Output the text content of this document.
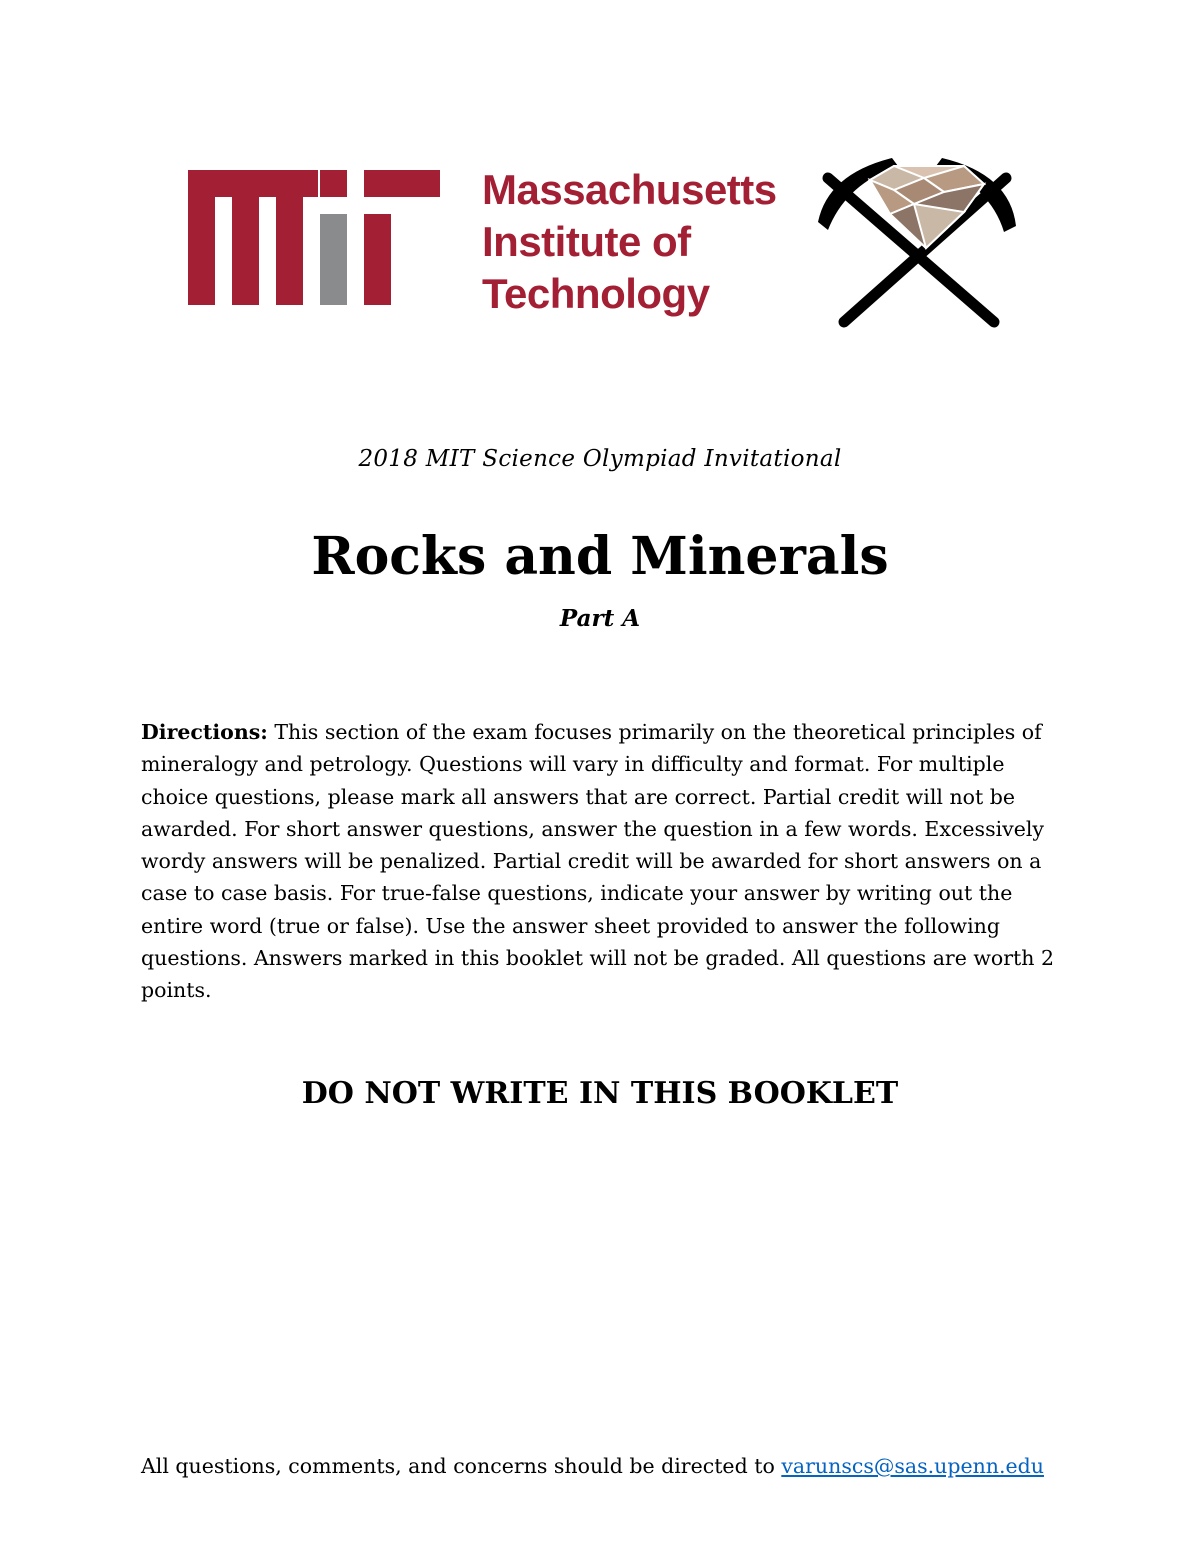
Massachusetts
Institute of
Technology
2018 MIT Science Olympiad Invitational
Rocks and Minerals
Part A
Directions: This section of the exam focuses primarily on the theoretical principles of mineralogy and petrology. Questions will vary in difficulty and format. For multiple choice questions, please mark all answers that are correct. Partial credit will not be awarded. For short answer questions, answer the question in a few words. Excessively wordy answers will be penalized. Partial credit will be awarded for short answers on a case to case basis. For true-false questions, indicate your answer by writing out the entire word (true or false). Use the answer sheet provided to answer the following questions. Answers marked in this booklet will not be graded. All questions are worth 2 points.
DO NOT WRITE IN THIS BOOKLET
All questions, comments, and concerns should be directed to varunscs@sas.upenn.edu
